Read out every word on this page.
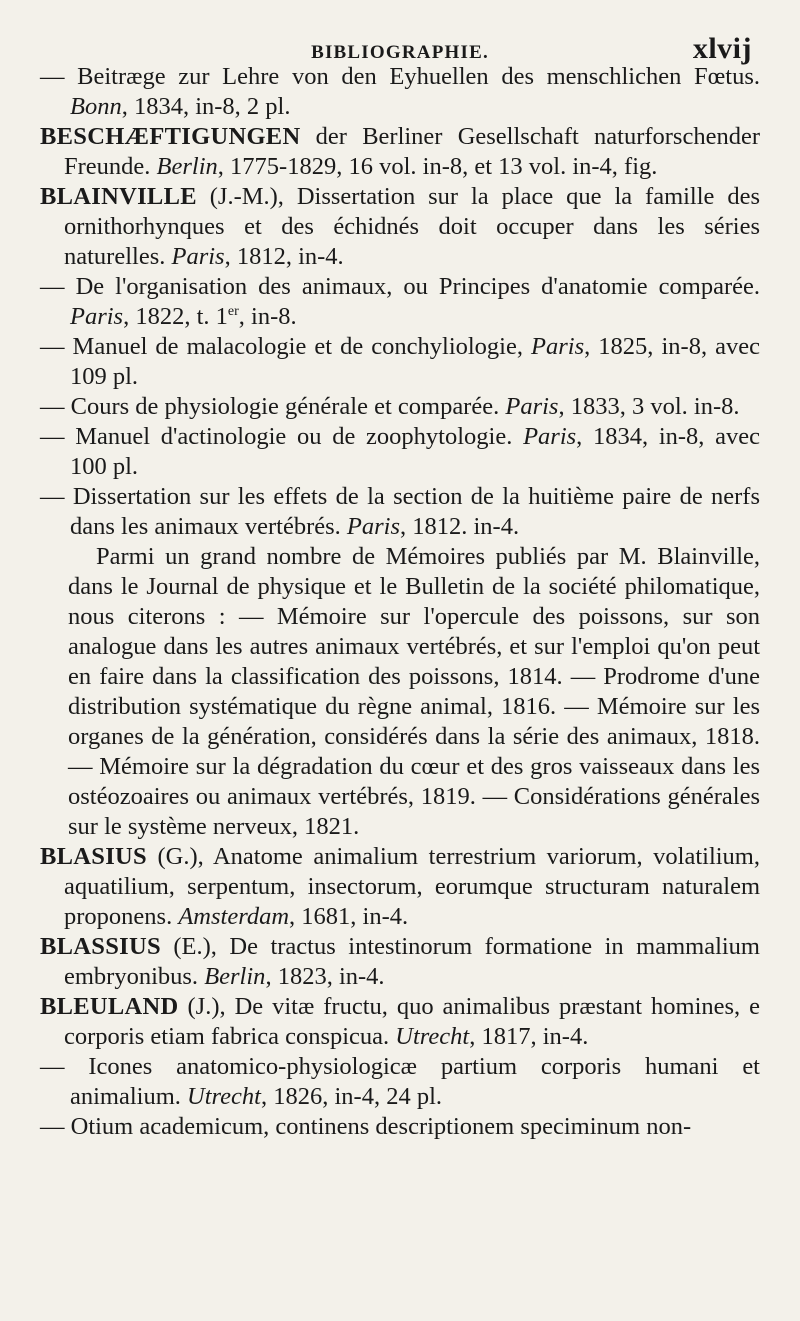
BIBLIOGRAPHIE.	xlvij

— Beitræge zur Lehre von den Eyhuellen des menschlichen Fœtus. Bonn, 1834, in-8, 2 pl.

BESCHÆFTIGUNGEN der Berliner Gesellschaft naturforschender Freunde. Berlin, 1775-1829, 16 vol. in-8, et 13 vol. in-4, fig.

BLAINVILLE (J.-M.), Dissertation sur la place que la famille des ornithorhynques et des échidnés doit occuper dans les séries naturelles. Paris, 1812, in-4.

— De l'organisation des animaux, ou Principes d'anatomie comparée. Paris, 1822, t. 1er, in-8.

— Manuel de malacologie et de conchyliologie, Paris, 1825, in-8, avec 109 pl.

— Cours de physiologie générale et comparée. Paris, 1833, 3 vol. in-8.

— Manuel d'actinologie ou de zoophytologie. Paris, 1834, in-8, avec 100 pl.

— Dissertation sur les effets de la section de la huitième paire de nerfs dans les animaux vertébrés. Paris, 1812. in-4.

Parmi un grand nombre de Mémoires publiés par M. Blainville, dans le Journal de physique et le Bulletin de la société philomatique, nous citerons : — Mémoire sur l'opercule des poissons, sur son analogue dans les autres animaux vertébrés, et sur l'emploi qu'on peut en faire dans la classification des poissons, 1814. — Prodrome d'une distribution systématique du règne animal, 1816. — Mémoire sur les organes de la génération, considérés dans la série des animaux, 1818. — Mémoire sur la dégradation du cœur et des gros vaisseaux dans les ostéozoaires ou animaux vertébrés, 1819. — Considérations générales sur le système nerveux, 1821.

BLASIUS (G.), Anatome animalium terrestrium variorum, volatilium, aquatilium, serpentum, insectorum, eorumque structuram naturalem proponens. Amsterdam, 1681, in-4.

BLASSIUS (E.), De tractus intestinorum formatione in mammalium embryonibus. Berlin, 1823, in-4.

BLEULAND (J.), De vitæ fructu, quo animalibus præstant homines, e corporis etiam fabrica conspicua. Utrecht, 1817, in-4.

— Icones anatomico-physiologicæ partium corporis humani et animalium. Utrecht, 1826, in-4, 24 pl.

— Otium academicum, continens descriptionem speciminum non-
